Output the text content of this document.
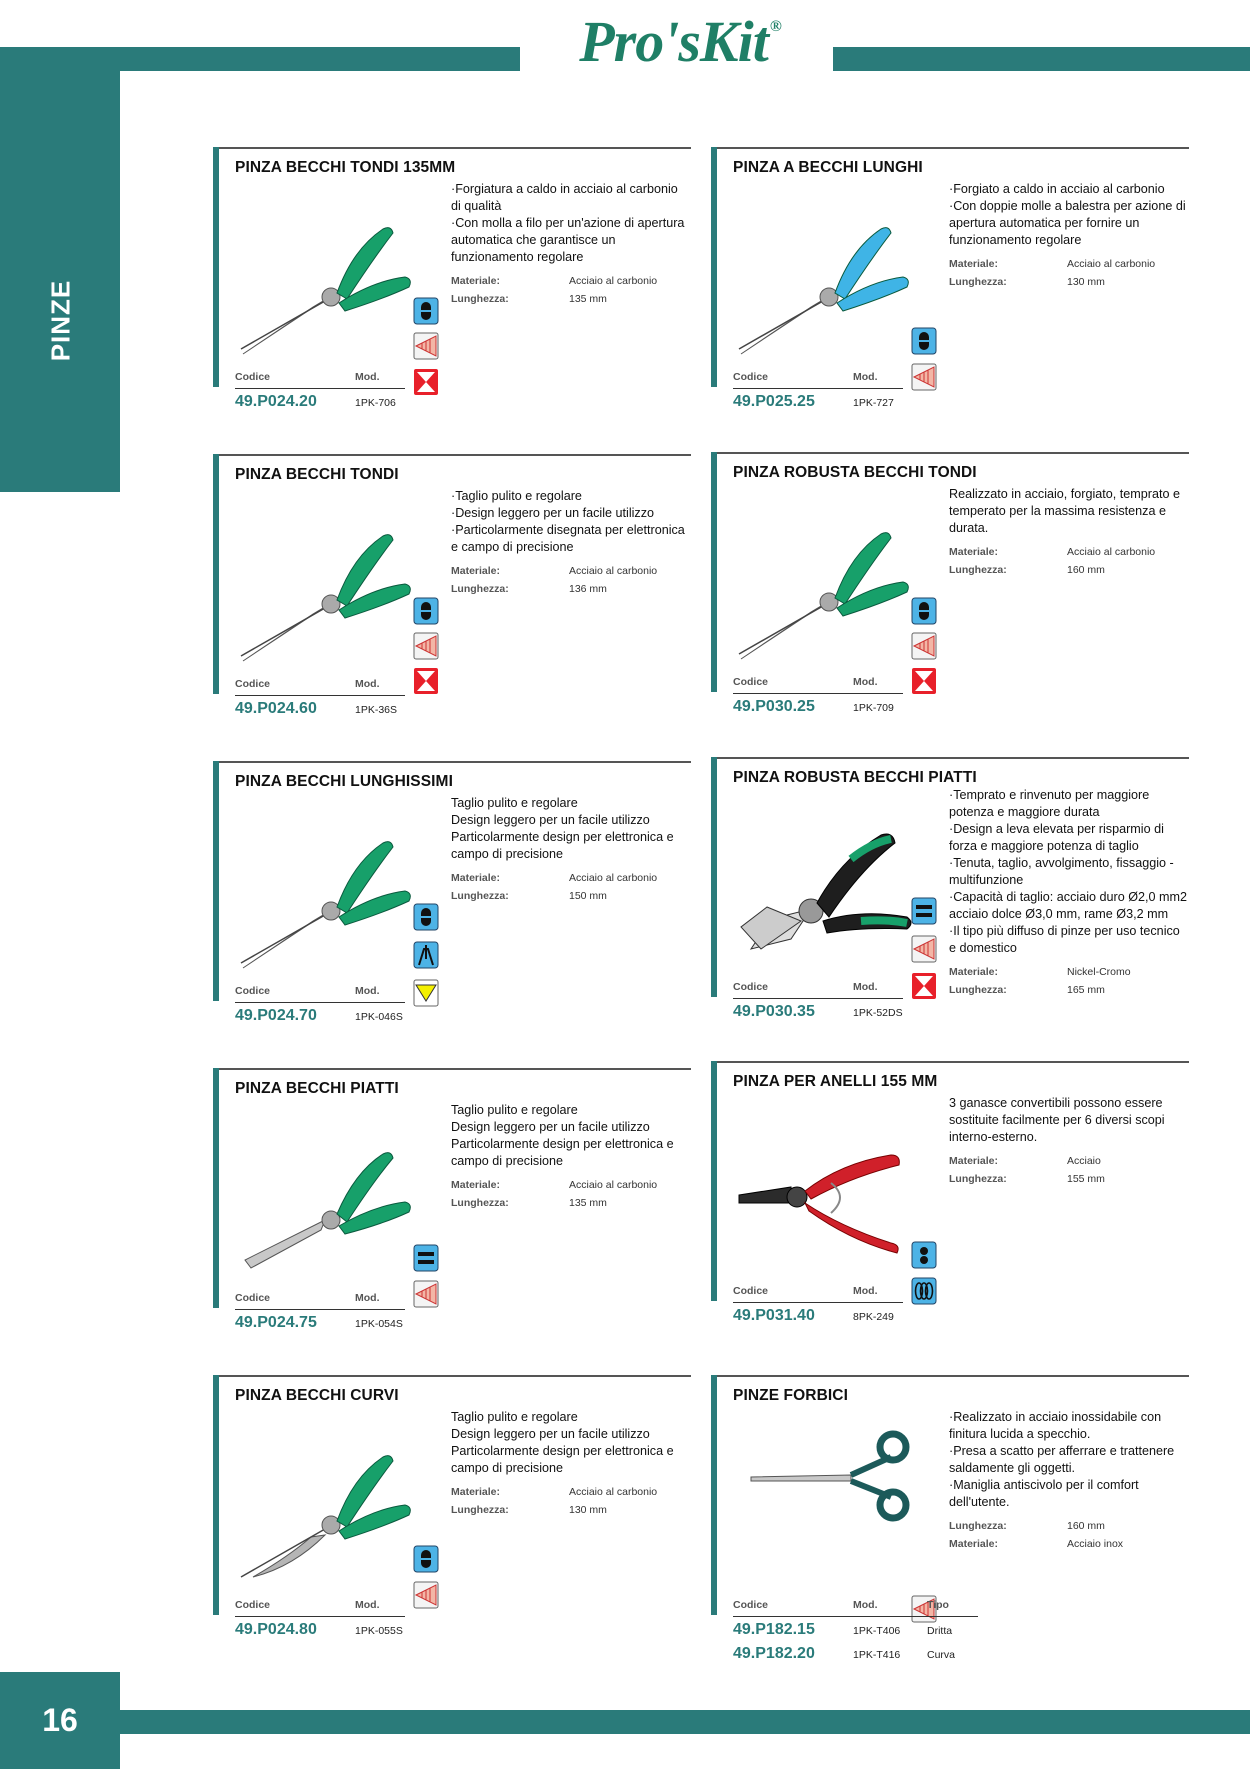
Pro'sKit®
PINZE
16
PINZA BECCHI TONDI 135MM
·Forgiatura a caldo in acciaio al carbonio di qualità
·Con molla a filo per un'azione di apertura automatica che garantisce un funzionamento regolare
Materiale:	Acciaio al carbonio
Lunghezza:	135 mm
Codice	Mod.
49.P024.20	1PK-706
PINZA A BECCHI LUNGHI
·Forgiato a caldo in acciaio al carbonio
·Con doppie molle a balestra per azione di apertura automatica per fornire un funzionamento regolare
Materiale:	Acciaio al carbonio
Lunghezza:	130 mm
Codice	Mod.
49.P025.25	1PK-727
PINZA BECCHI TONDI
·Taglio pulito e regolare
·Design leggero per un facile utilizzo
·Particolarmente disegnata per elettronica e campo di precisione
Materiale:	Acciaio al carbonio
Lunghezza:	136 mm
Codice	Mod.
49.P024.60	1PK-36S
PINZA ROBUSTA BECCHI TONDI
Realizzato in acciaio, forgiato, temprato e temperato per la massima resistenza e durata.
Materiale:	Acciaio al carbonio
Lunghezza:	160 mm
Codice	Mod.
49.P030.25	1PK-709
PINZA BECCHI LUNGHISSIMI
Taglio pulito e regolare
Design leggero per un facile utilizzo
Particolarmente design per elettronica e campo di precisione
Materiale:	Acciaio al carbonio
Lunghezza:	150 mm
Codice	Mod.
49.P024.70	1PK-046S
PINZA ROBUSTA BECCHI PIATTI
·Temprato e rinvenuto per maggiore potenza e maggiore durata
·Design a leva elevata per risparmio di forza e maggiore potenza di taglio
·Tenuta, taglio, avvolgimento, fissaggio - multifunzione
·Capacità di taglio: acciaio duro Ø2,0 mm2 acciaio dolce Ø3,0 mm, rame Ø3,2 mm
·Il tipo più diffuso di pinze per uso tecnico e domestico
Materiale:	Nickel-Cromo
Lunghezza:	165 mm
Codice	Mod.
49.P030.35	1PK-52DS
PINZA BECCHI PIATTI
Taglio pulito e regolare
Design leggero per un facile utilizzo
Particolarmente design per elettronica e campo di precisione
Materiale:	Acciaio al carbonio
Lunghezza:	135 mm
Codice	Mod.
49.P024.75	1PK-054S
PINZA PER ANELLI 155 MM
3 ganasce convertibili possono essere sostituite facilmente per 6 diversi scopi interno-esterno.
Materiale:	Acciaio
Lunghezza:	155 mm
Codice	Mod.
49.P031.40	8PK-249
PINZA BECCHI CURVI
Taglio pulito e regolare
Design leggero per un facile utilizzo
Particolarmente design per elettronica e campo di precisione
Materiale:	Acciaio al carbonio
Lunghezza:	130 mm
Codice	Mod.
49.P024.80	1PK-055S
PINZE FORBICI
·Realizzato in acciaio inossidabile con finitura lucida a specchio.
·Presa a scatto per afferrare e trattenere saldamente gli oggetti.
·Maniglia antiscivolo per il comfort dell'utente.
Lunghezza:	160 mm
Materiale:	Acciaio inox
Codice	Mod.	Tipo
49.P182.15	1PK-T406	Dritta
49.P182.20	1PK-T416	Curva
